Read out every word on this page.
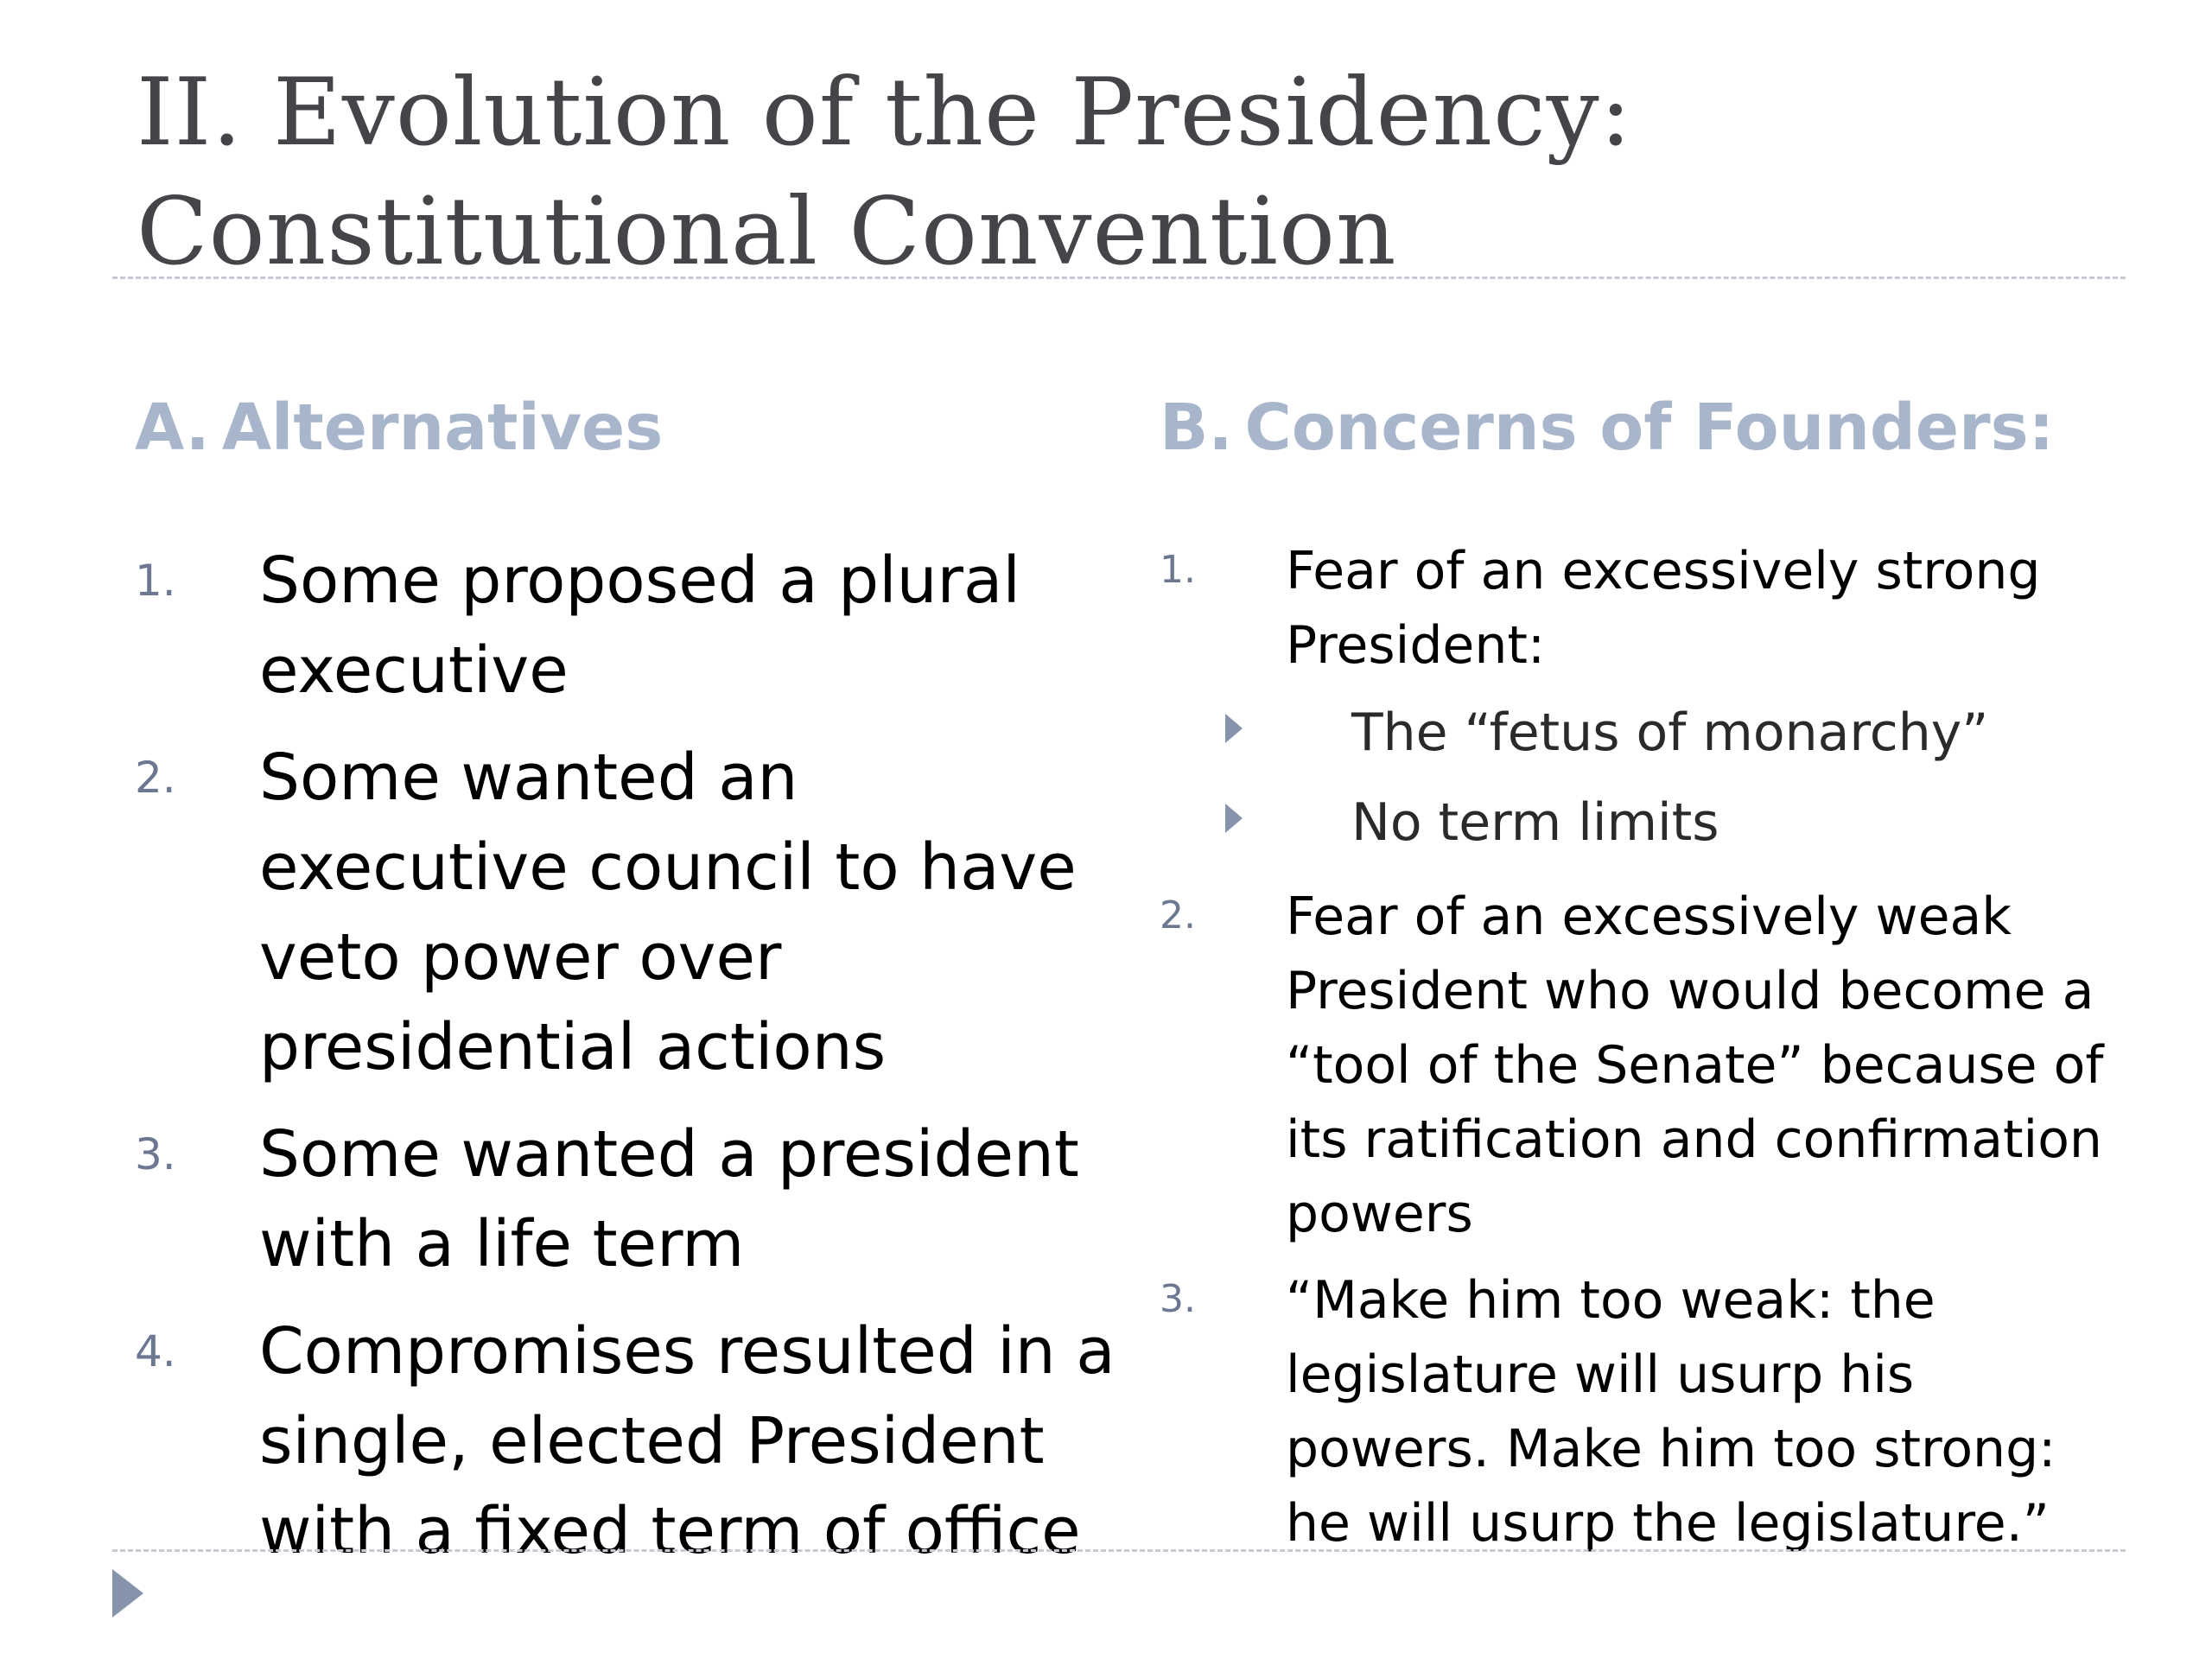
II. Evolution of the Presidency:
Constitutional Convention
A. Alternatives	B. Concerns of Founders:
1. Some proposed a plural executive
2. Some wanted an executive council to have veto power over presidential actions
3. Some wanted a president with a life term
4. Compromises resulted in a single, elected President with a fixed term of office
1. Fear of an excessively strong President:
The “fetus of monarchy”
No term limits
2. Fear of an excessively weak President who would become a “tool of the Senate” because of its ratification and confirmation powers
3. “Make him too weak: the legislature will usurp his powers. Make him too strong: he will usurp the legislature.”
